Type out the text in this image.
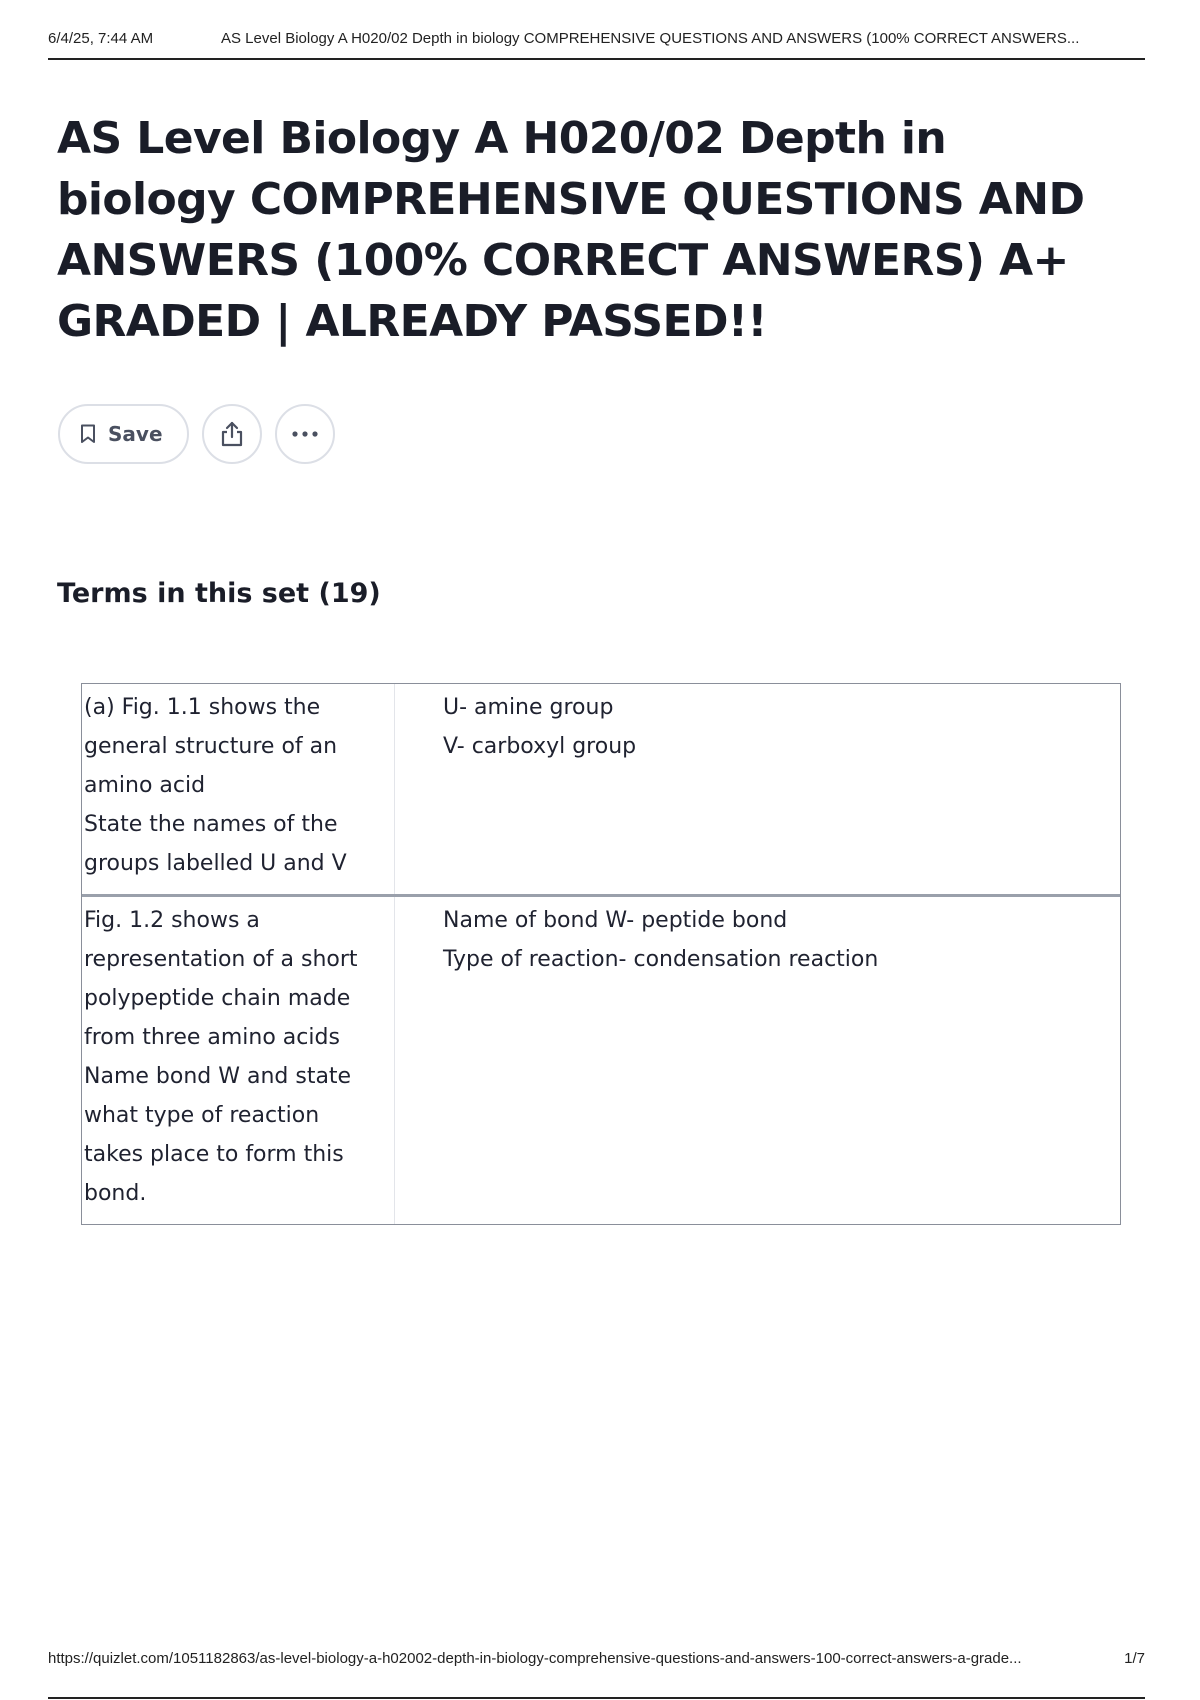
6/4/25, 7:44 AM	AS Level Biology A H020/02 Depth in biology COMPREHENSIVE QUESTIONS AND ANSWERS (100% CORRECT ANSWERS...
AS Level Biology A H020/02 Depth in biology COMPREHENSIVE QUESTIONS AND ANSWERS (100% CORRECT ANSWERS) A+ GRADED | ALREADY PASSED!!
Save
Terms in this set (19)
(a) Fig. 1.1 shows the
general structure of an
amino acid
State the names of the
groups labelled U and V
U- amine group
V- carboxyl group
Fig. 1.2 shows a
representation of a short
polypeptide chain made
from three amino acids
Name bond W and state
what type of reaction
takes place to form this
bond.
Name of bond W- peptide bond
Type of reaction- condensation reaction
https://quizlet.com/1051182863/as-level-biology-a-h02002-depth-in-biology-comprehensive-questions-and-answers-100-correct-answers-a-grade...	1/7
